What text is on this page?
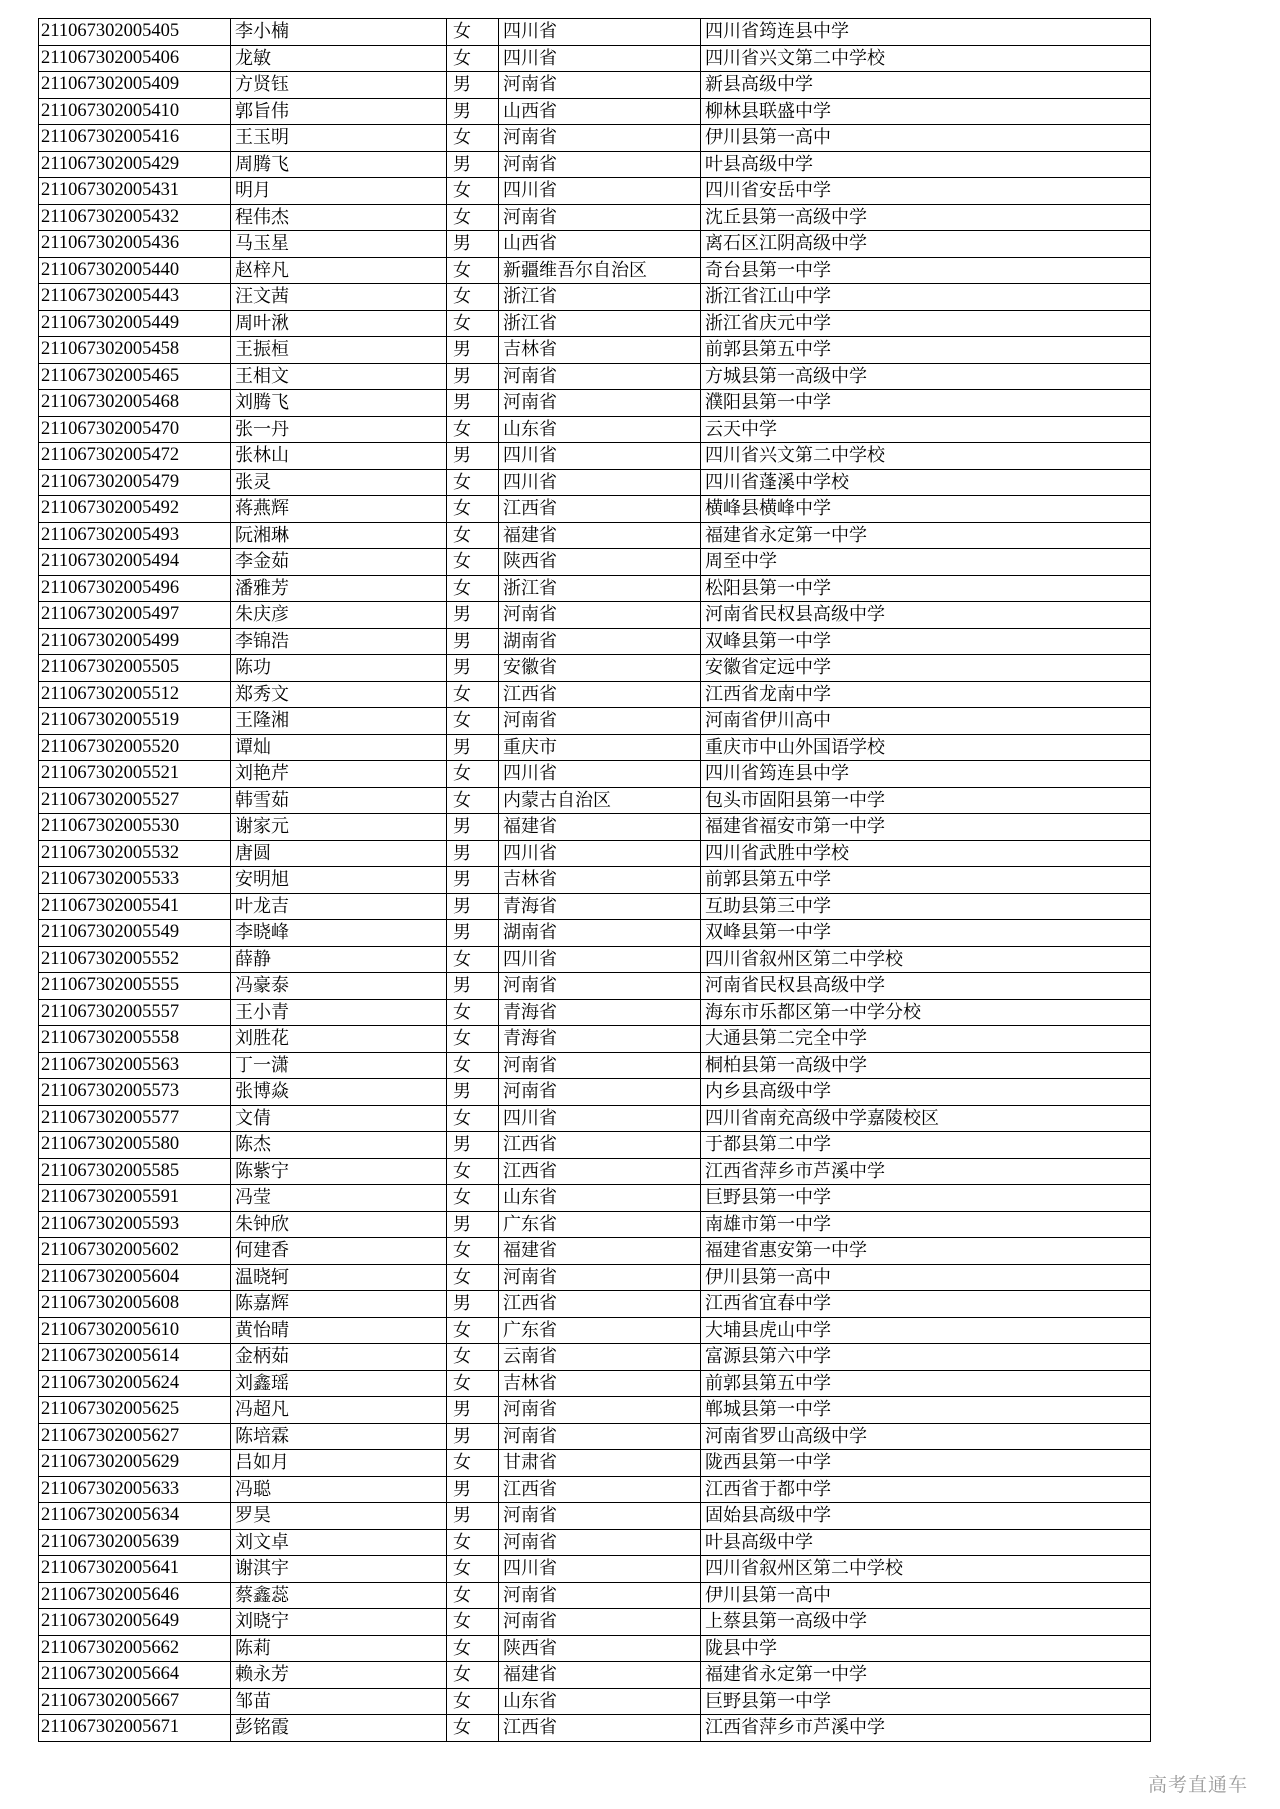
211067302005405	李小楠	女	四川省	四川省筠连县中学
211067302005406	龙敏	女	四川省	四川省兴文第二中学校
211067302005409	方贤钰	男	河南省	新县高级中学
211067302005410	郭旨伟	男	山西省	柳林县联盛中学
211067302005416	王玉明	女	河南省	伊川县第一高中
211067302005429	周腾飞	男	河南省	叶县高级中学
211067302005431	明月	女	四川省	四川省安岳中学
211067302005432	程伟杰	女	河南省	沈丘县第一高级中学
211067302005436	马玉星	男	山西省	离石区江阴高级中学
211067302005440	赵梓凡	女	新疆维吾尔自治区	奇台县第一中学
211067302005443	汪文茜	女	浙江省	浙江省江山中学
211067302005449	周叶湫	女	浙江省	浙江省庆元中学
211067302005458	王振桓	男	吉林省	前郭县第五中学
211067302005465	王相文	男	河南省	方城县第一高级中学
211067302005468	刘腾飞	男	河南省	濮阳县第一中学
211067302005470	张一丹	女	山东省	云天中学
211067302005472	张林山	男	四川省	四川省兴文第二中学校
211067302005479	张灵	女	四川省	四川省蓬溪中学校
211067302005492	蒋燕辉	女	江西省	横峰县横峰中学
211067302005493	阮湘琳	女	福建省	福建省永定第一中学
211067302005494	李金茹	女	陕西省	周至中学
211067302005496	潘雅芳	女	浙江省	松阳县第一中学
211067302005497	朱庆彦	男	河南省	河南省民权县高级中学
211067302005499	李锦浩	男	湖南省	双峰县第一中学
211067302005505	陈功	男	安徽省	安徽省定远中学
211067302005512	郑秀文	女	江西省	江西省龙南中学
211067302005519	王隆湘	女	河南省	河南省伊川高中
211067302005520	谭灿	男	重庆市	重庆市中山外国语学校
211067302005521	刘艳芹	女	四川省	四川省筠连县中学
211067302005527	韩雪茹	女	内蒙古自治区	包头市固阳县第一中学
211067302005530	谢家元	男	福建省	福建省福安市第一中学
211067302005532	唐圆	男	四川省	四川省武胜中学校
211067302005533	安明旭	男	吉林省	前郭县第五中学
211067302005541	叶龙吉	男	青海省	互助县第三中学
211067302005549	李晓峰	男	湖南省	双峰县第一中学
211067302005552	薛静	女	四川省	四川省叙州区第二中学校
211067302005555	冯豪泰	男	河南省	河南省民权县高级中学
211067302005557	王小青	女	青海省	海东市乐都区第一中学分校
211067302005558	刘胜花	女	青海省	大通县第二完全中学
211067302005563	丁一潇	女	河南省	桐柏县第一高级中学
211067302005573	张博焱	男	河南省	内乡县高级中学
211067302005577	文倩	女	四川省	四川省南充高级中学嘉陵校区
211067302005580	陈杰	男	江西省	于都县第二中学
211067302005585	陈紫宁	女	江西省	江西省萍乡市芦溪中学
211067302005591	冯莹	女	山东省	巨野县第一中学
211067302005593	朱钟欣	男	广东省	南雄市第一中学
211067302005602	何建香	女	福建省	福建省惠安第一中学
211067302005604	温晓轲	女	河南省	伊川县第一高中
211067302005608	陈嘉辉	男	江西省	江西省宜春中学
211067302005610	黄怡晴	女	广东省	大埔县虎山中学
211067302005614	金柄茹	女	云南省	富源县第六中学
211067302005624	刘鑫瑶	女	吉林省	前郭县第五中学
211067302005625	冯超凡	男	河南省	郸城县第一中学
211067302005627	陈培霖	男	河南省	河南省罗山高级中学
211067302005629	吕如月	女	甘肃省	陇西县第一中学
211067302005633	冯聪	男	江西省	江西省于都中学
211067302005634	罗昊	男	河南省	固始县高级中学
211067302005639	刘文卓	女	河南省	叶县高级中学
211067302005641	谢淇宇	女	四川省	四川省叙州区第二中学校
211067302005646	蔡鑫蕊	女	河南省	伊川县第一高中
211067302005649	刘晓宁	女	河南省	上蔡县第一高级中学
211067302005662	陈莉	女	陕西省	陇县中学
211067302005664	赖永芳	女	福建省	福建省永定第一中学
211067302005667	邹苗	女	山东省	巨野县第一中学
211067302005671	彭铭霞	女	江西省	江西省萍乡市芦溪中学
高考直通车
